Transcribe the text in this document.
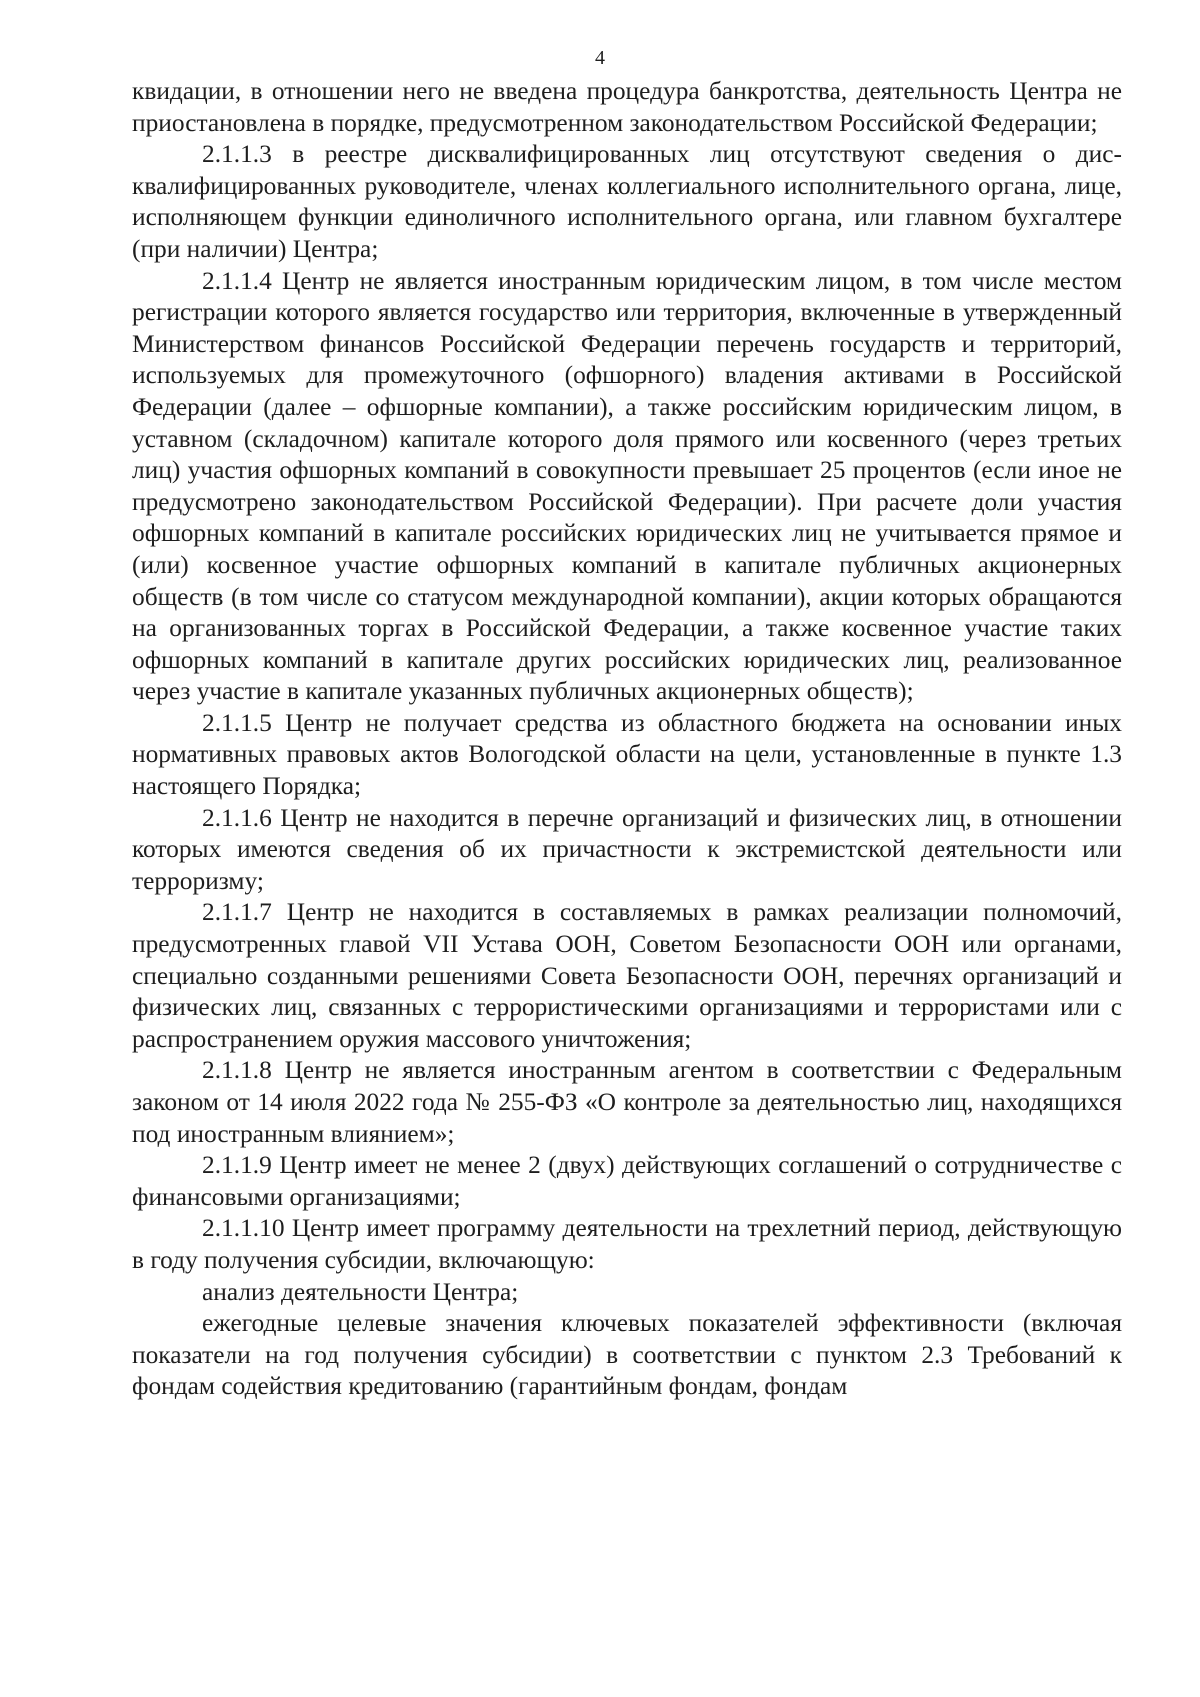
4

квидации, в отношении него не введена процедура банкротства, деятельность Центра не приостановлена в порядке, предусмотренном законодательством Российской Федерации;

2.1.1.3 в реестре дисквалифицированных лиц отсутствуют сведения о дисквалифицированных руководителе, членах коллегиального исполнительного органа, лице, исполняющем функции единоличного исполнительного органа, или главном бухгалтере (при наличии) Центра;

2.1.1.4 Центр не является иностранным юридическим лицом, в том числе местом регистрации которого является государство или территория, включенные в утвержденный Министерством финансов Российской Федерации перечень государств и территорий, используемых для промежуточного (офшорного) владения активами в Российской Федерации (далее – офшорные компании), а также российским юридическим лицом, в уставном (складочном) капитале которого доля прямого или косвенного (через третьих лиц) участия офшорных компаний в совокупности превышает 25 процентов (если иное не предусмотрено законодательством Российской Федерации). При расчете доли участия офшорных компаний в капитале российских юридических лиц не учитывается прямое и (или) косвенное участие офшорных компаний в капитале публичных акционерных обществ (в том числе со статусом международной компании), акции которых обращаются на организованных торгах в Российской Федерации, а также косвенное участие таких офшорных компаний в капитале других российских юридических лиц, реализованное через участие в капитале указанных публичных акционерных обществ);

2.1.1.5 Центр не получает средства из областного бюджета на основании иных нормативных правовых актов Вологодской области на цели, установленные в пункте 1.3 настоящего Порядка;

2.1.1.6 Центр не находится в перечне организаций и физических лиц, в отношении которых имеются сведения об их причастности к экстремистской деятельности или терроризму;

2.1.1.7 Центр не находится в составляемых в рамках реализации полномочий, предусмотренных главой VII Устава ООН, Советом Безопасности ООН или органами, специально созданными решениями Совета Безопасности ООН, перечнях организаций и физических лиц, связанных с террористическими организациями и террористами или с распространением оружия массового уничтожения;

2.1.1.8 Центр не является иностранным агентом в соответствии с Федеральным законом от 14 июля 2022 года № 255-ФЗ «О контроле за деятельностью лиц, находящихся под иностранным влиянием»;

2.1.1.9 Центр имеет не менее 2 (двух) действующих соглашений о сотрудничестве с финансовыми организациями;

2.1.1.10 Центр имеет программу деятельности на трехлетний период, действующую в году получения субсидии, включающую:

анализ деятельности Центра;

ежегодные целевые значения ключевых показателей эффективности (включая показатели на год получения субсидии) в соответствии с пунктом 2.3 Требований к фондам содействия кредитованию (гарантийным фондам, фондам
